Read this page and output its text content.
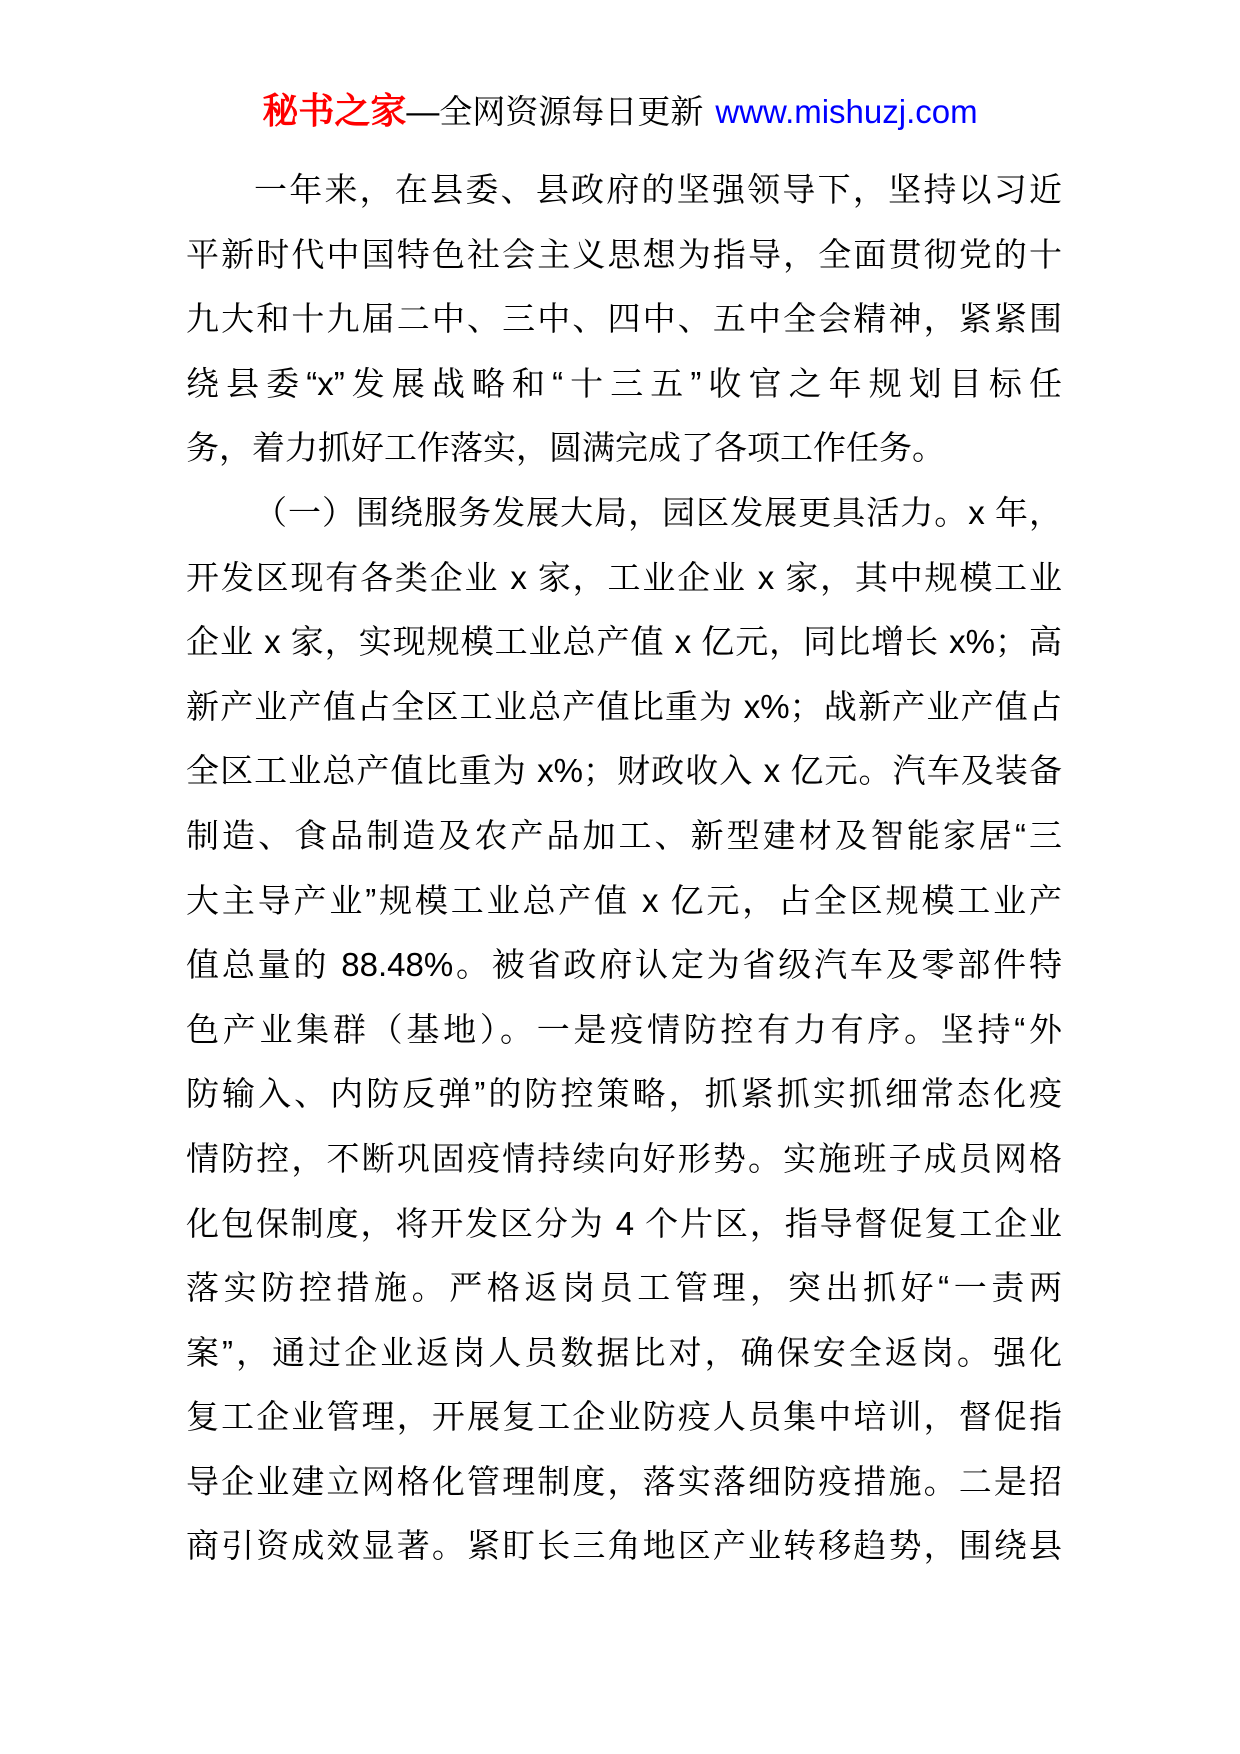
秘书之家—全网资源每日更新 www.mishuzj.com
一年来，在县委、县政府的坚强领导下，坚持以习近
平新时代中国特色社会主义思想为指导，全面贯彻党的十
九大和十九届二中、三中、四中、五中全会精神，紧紧围
绕县委“x”发展战略和“十三五”收官之年规划目标任
务，着力抓好工作落实，圆满完成了各项工作任务。
（一）围绕服务发展大局，园区发展更具活力。x 年，
开发区现有各类企业 x 家，工业企业 x 家，其中规模工业
企业 x 家，实现规模工业总产值 x 亿元，同比增长 x%；高
新产业产值占全区工业总产值比重为 x%；战新产业产值占
全区工业总产值比重为 x%；财政收入 x 亿元。汽车及装备
制造、食品制造及农产品加工、新型建材及智能家居“三
大主导产业”规模工业总产值 x 亿元，占全区规模工业产
值总量的 88.48%。被省政府认定为省级汽车及零部件特
色产业集群（基地）。一是疫情防控有力有序。坚持“外
防输入、内防反弹”的防控策略，抓紧抓实抓细常态化疫
情防控，不断巩固疫情持续向好形势。实施班子成员网格
化包保制度，将开发区分为 4 个片区，指导督促复工企业
落实防控措施。严格返岗员工管理，突出抓好“一责两
案”，通过企业返岗人员数据比对，确保安全返岗。强化
复工企业管理，开展复工企业防疫人员集中培训，督促指
导企业建立网格化管理制度，落实落细防疫措施。二是招
商引资成效显著。紧盯长三角地区产业转移趋势，围绕县
